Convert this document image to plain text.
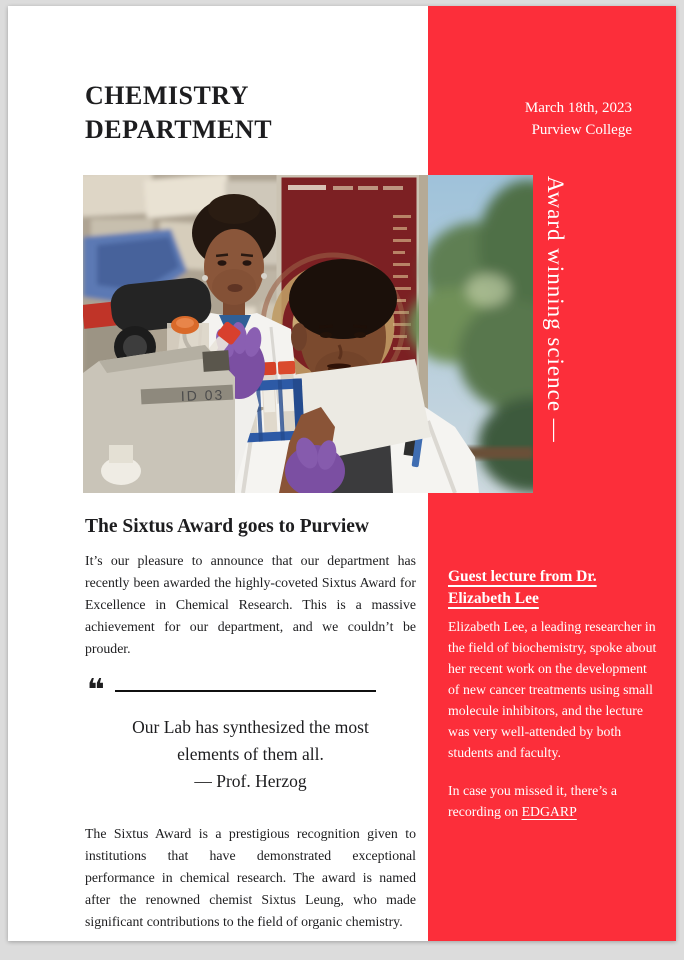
Guest lecture from Dr. Elizabeth Lee

Elizabeth Lee, a leading researcher in the field of biochemistry, spoke about her recent work on the development of new cancer treatments using small molecule inhibitors, and the lecture was very well-attended by both students and faculty.

In case you missed it, there’s a recording on EDGARP

CHEMISTRY
DEPARTMENT
March 18th, 2023
Purview College
ID 03	Award winning science —
The Sixtus Award goes to Purview

It’s our pleasure to announce that our department has recently been awarded the highly-coveted Sixtus Award for Excellence in Chemical Research. This is a massive achievement for our department, and we couldn’t be prouder.

❝
Our Lab has synthesized the most elements of them all.
— Prof. Herzog

The Sixtus Award is a prestigious recognition given to institutions that have demonstrated exceptional performance in chemical research. The award is named after the renowned chemist Sixtus Leung, who made significant contributions to the field of organic chemistry.
